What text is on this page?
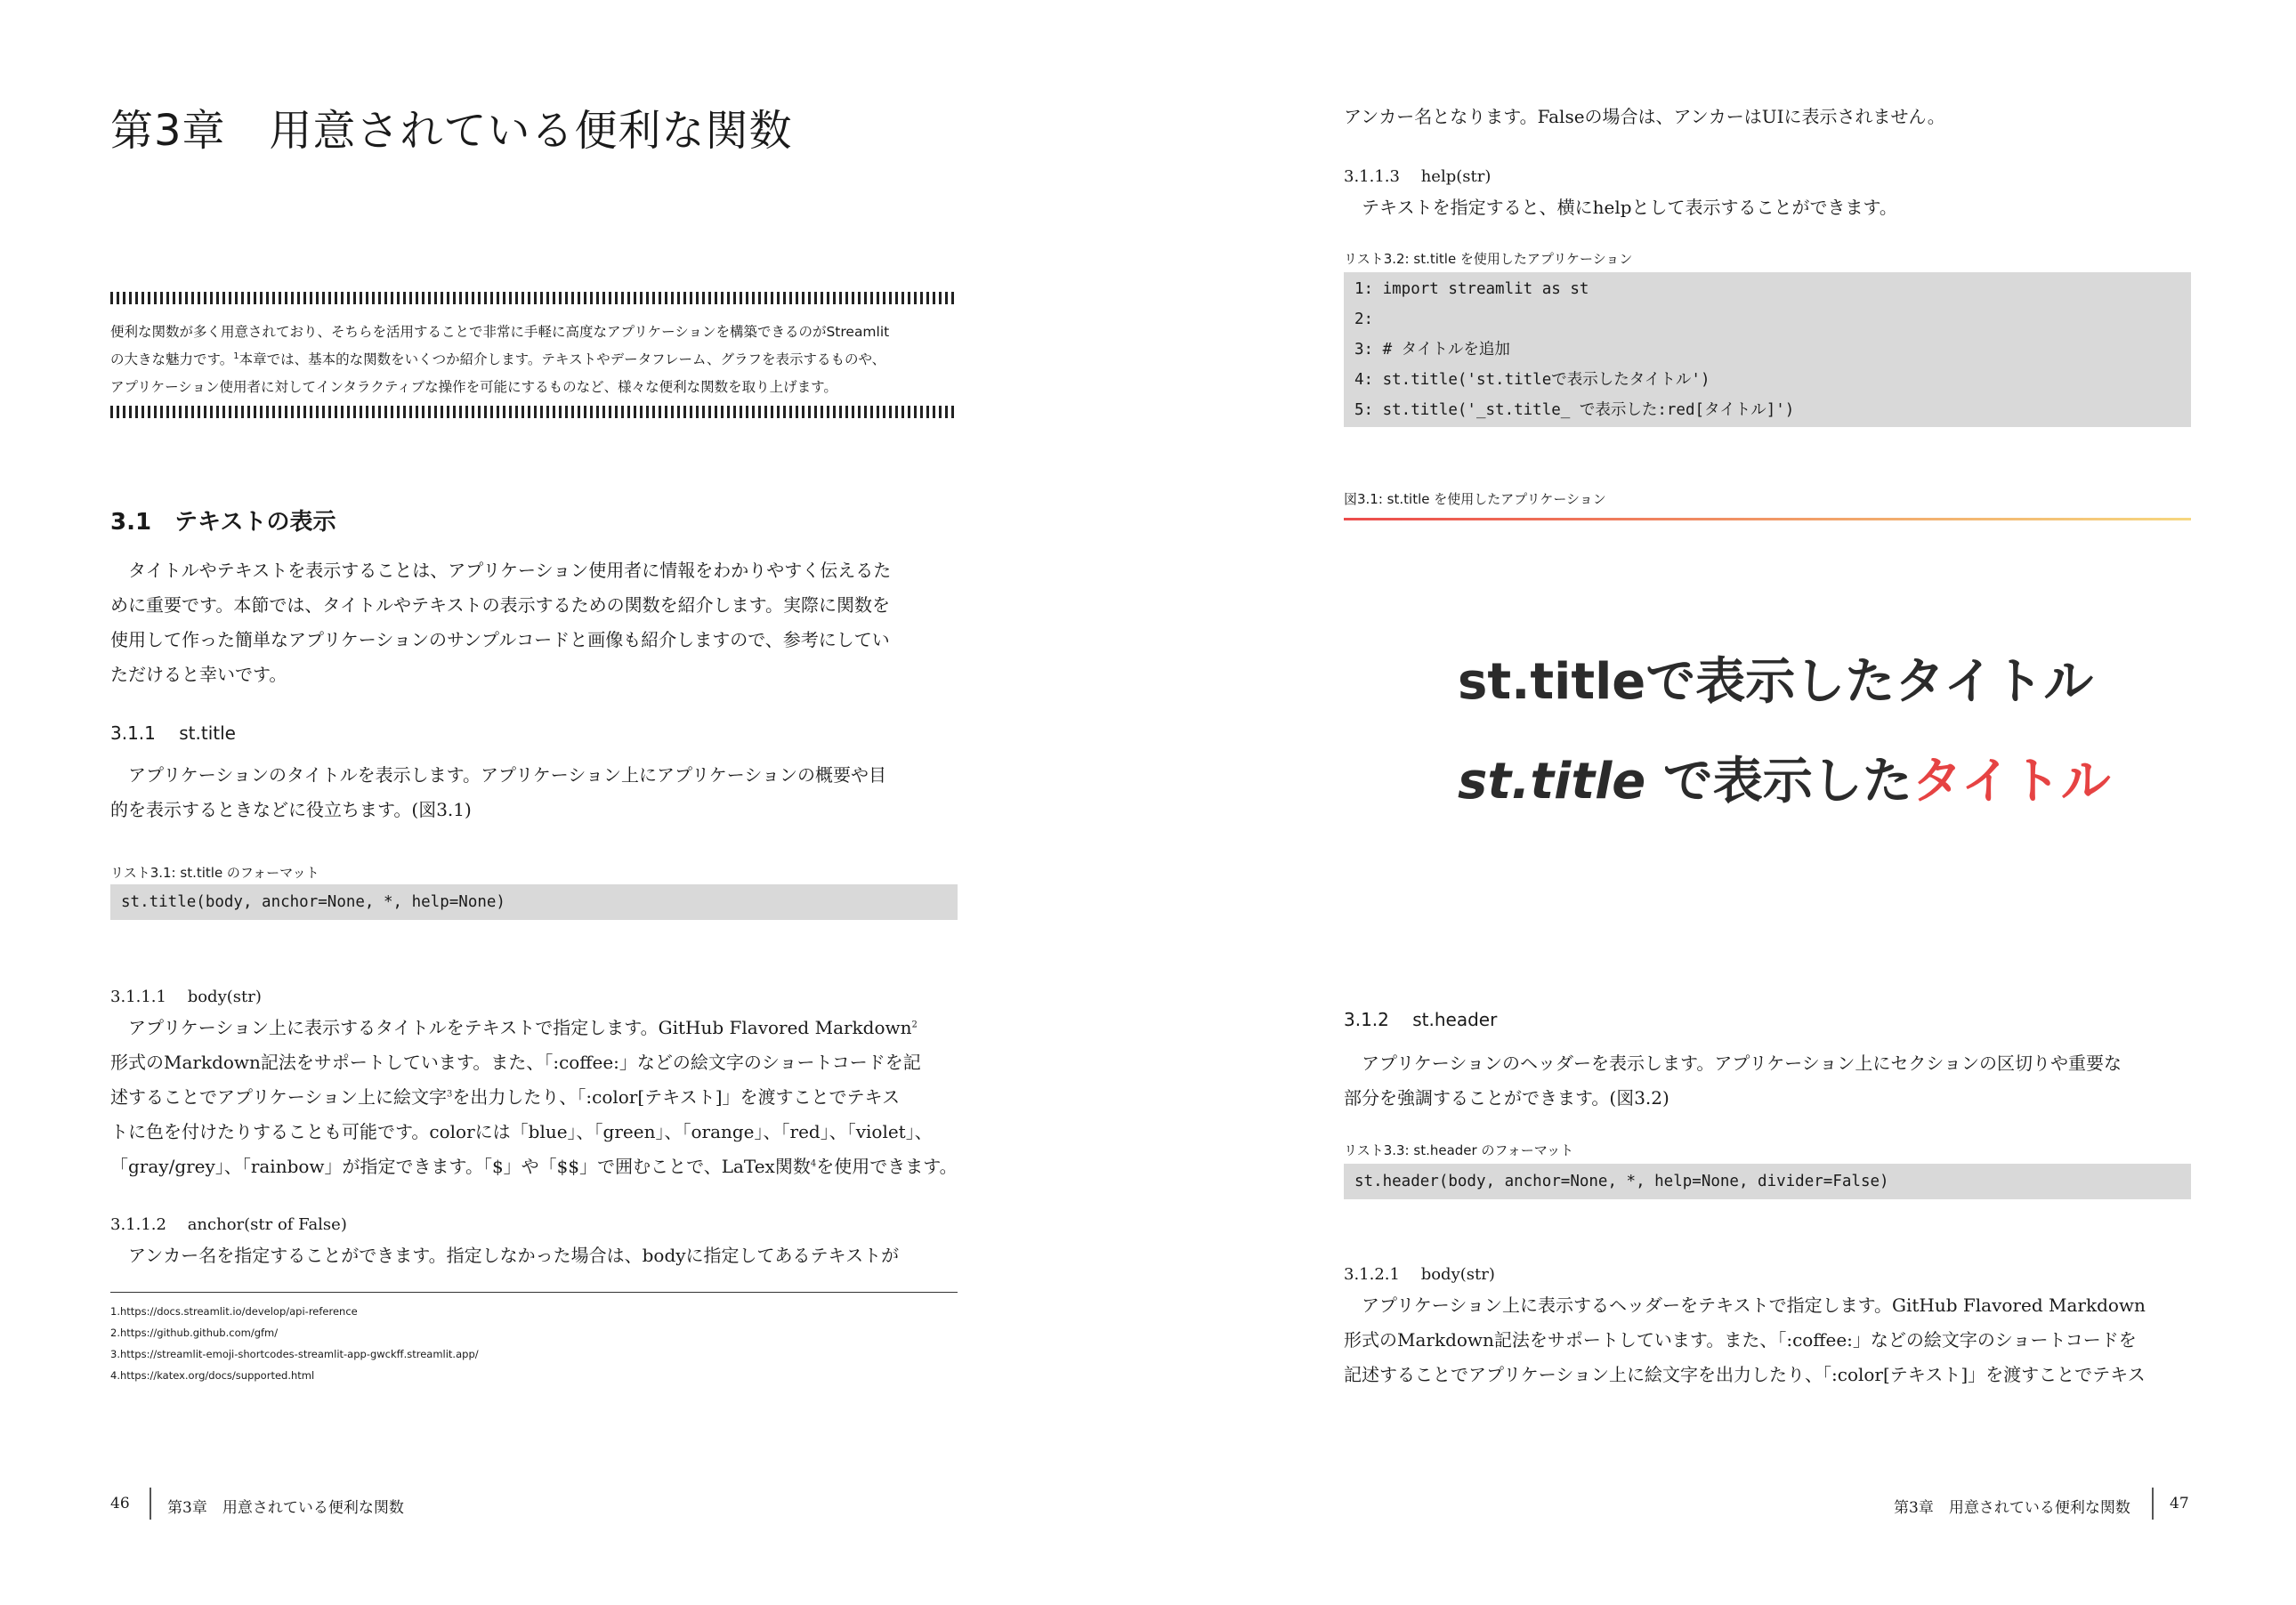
第3章　用意されている便利な関数

便利な関数が多く用意されており、そちらを活用することで非常に手軽に高度なアプリケーションを構築できるのがStreamlit

の大きな魅力です。$^1$本章では、基本的な関数をいくつか紹介します。テキストやデータフレーム、グラフを表示するものや、

アプリケーション使用者に対してインタラクティブな操作を可能にするものなど、様々な便利な関数を取り上げます。

3.1　テキストの表示

　タイトルやテキストを表示することは、アプリケーション使用者に情報をわかりやすく伝えるた

めに重要です。本節では、タイトルやテキストの表示するための関数を紹介します。実際に関数を

使用して作った簡単なアプリケーションのサンプルコードと画像も紹介しますので、参考にしてい

ただけると幸いです。

3.1.1　 st.title

　アプリケーションのタイトルを表示します。アプリケーション上にアプリケーションの概要や目

的を表示するときなどに役立ちます。(図3.1)

リスト3.1: st.title のフォーマット
st.title(body, anchor=None, *, help=None)
3.1.1.1　 body(str)

　アプリケーション上に表示するタイトルをテキストで指定します。GitHub Flavored Markdown$^2$

形式のMarkdown記法をサポートしています。また、「:coffee:」などの絵文字のショートコードを記

述することでアプリケーション上に絵文字$^3$を出力したり、「:color[テキスト]」を渡すことでテキス

トに色を付けたりすることも可能です。colorには「blue」、「green」、「orange」、「red」、「violet」、

「gray/grey」、「rainbow」が指定できます。「$」や「$$」で囲むことで、LaTex関数$^4$を使用できます。

3.1.1.2　 anchor(str of False)

　アンカー名を指定することができます。指定しなかった場合は、bodyに指定してあるテキストが

1.https://docs.streamlit.io/develop/api-reference
2.https://github.github.com/gfm/
3.https://streamlit-emoji-shortcodes-streamlit-app-gwckff.streamlit.app/
4.https://katex.org/docs/supported.html
46 第3章　用意されている便利な関数

アンカー名となります。Falseの場合は、アンカーはUIに表示されません。

3.1.1.3　 help(str)

　テキストを指定すると、横にhelpとして表示することができます。

リスト3.2: st.title を使用したアプリケーション
1: import streamlit as st
2:
3: # タイトルを追加
4: st.title('st.titleで表示したタイトル')
5: st.title('_st.title_ で表示した:red[タイトル]')
図3.1: st.title を使用したアプリケーション
st.titleで表示したタイトル
st.title で表示したタイトル
3.1.2　 st.header

　アプリケーションのヘッダーを表示します。アプリケーション上にセクションの区切りや重要な

部分を強調することができます。(図3.2)

リスト3.3: st.header のフォーマット
st.header(body, anchor=None, *, help=None, divider=False)
3.1.2.1　 body(str)

　アプリケーション上に表示するヘッダーをテキストで指定します。GitHub Flavored Markdown

形式のMarkdown記法をサポートしています。また、「:coffee:」などの絵文字のショートコードを

記述することでアプリケーション上に絵文字を出力したり、「:color[テキスト]」を渡すことでテキス

第3章　用意されている便利な関数	47
